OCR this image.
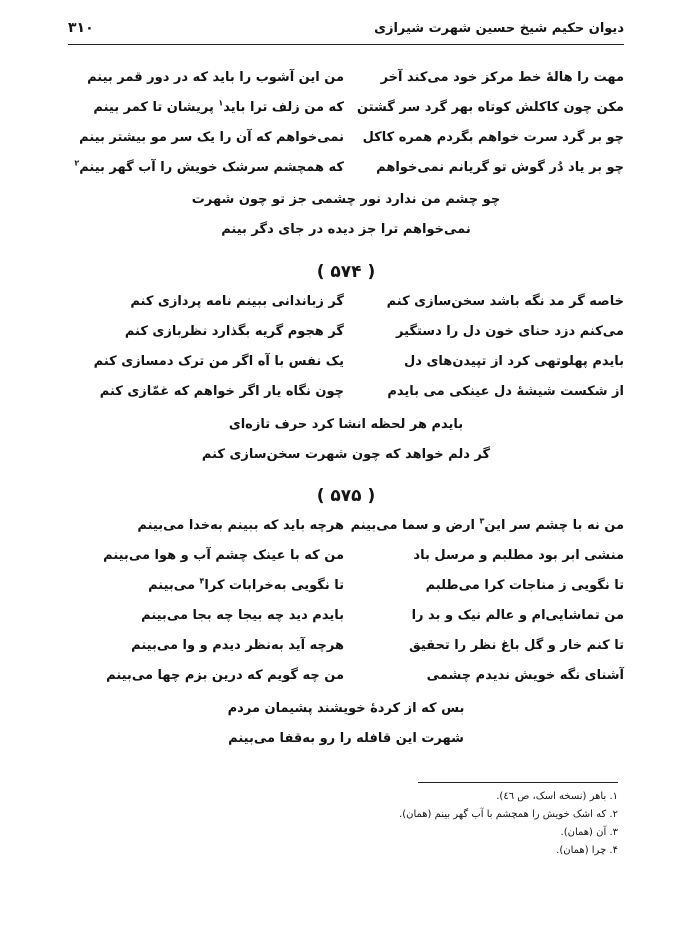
دیوان حکیم شیخ حسین شهرت شیرازی
۳۱۰
مهت را هالهٔ خط مرکز خود می‌کند آخر
من این آشوب را باید که در دور قمر بینم
مکن چون کاکلش کوتاه بهر گرد سر گشتن
که من زلف ترا باید$^۱$ پریشان تا کمر بینم
چو بر گرد سرت خواهم بگردم همره کاکل
نمی‌خواهم که آن را یک سر مو بیشتر بینم
چو بر یاد دُر گوش تو گریانم نمی‌خواهم
که همچشم سرشک خویش را آب گهر بینم$^۲$
چو چشم من ندارد نور چشمی جز تو چون شهرت
نمی‌خواهم ترا جز دیده در جای دگر بینم
( ۵۷۴ )
خاصه گر مد نگه باشد سخن‌سازی کنم
گر زباندانی ببینم نامه پردازی کنم
می‌کنم دزد حنای خون دل را دستگیر
گر هجوم گریه بگذارد نظربازی کنم
بایدم پهلوتهی کرد از تپیدن‌های دل
یک نفس با آه اگر من ترک دمسازی کنم
از شکست شیشهٔ دل عینکی می بایدم
چون نگاه یار اگر خواهم که غمّازی کنم
بایدم هر لحظه انشا کرد حرف تازه‌ای
گر دلم خواهد که چون شهرت سخن‌سازی کنم
( ۵۷۵ )
من نه با چشم سر این$^۳$ ارض و سما می‌بینم
هرچه باید که ببینم به‌خدا می‌بینم
منشی ابر بود مطلبم و مرسل باد
من که با عینک چشم آب و هوا می‌بینم
تا نگویی ز مناجات کرا می‌طلبم
تا نگویی به‌خرابات کرا$^۴$ می‌بینم
من تماشایی‌ام و عالم نیک و بد را
بایدم دید چه بیجا چه بجا می‌بینم
تا کنم خار و گل باغ نظر را تحقیق
هرچه آید به‌نظر دیدم و وا می‌بینم
آشنای نگه خویش ندیدم چشمی
من چه گویم که درین بزم چها می‌بینم
بس که از کردهٔ خویشند پشیمان مردم
شهرت این قافله را رو به‌قفا می‌بینم
۱. باهر (نسخه اسک، ص ٤٦).
۲. که اشک خویش را همچشم با آب گهر بینم (همان).
۳. آن (همان).
۴. چرا (همان).
